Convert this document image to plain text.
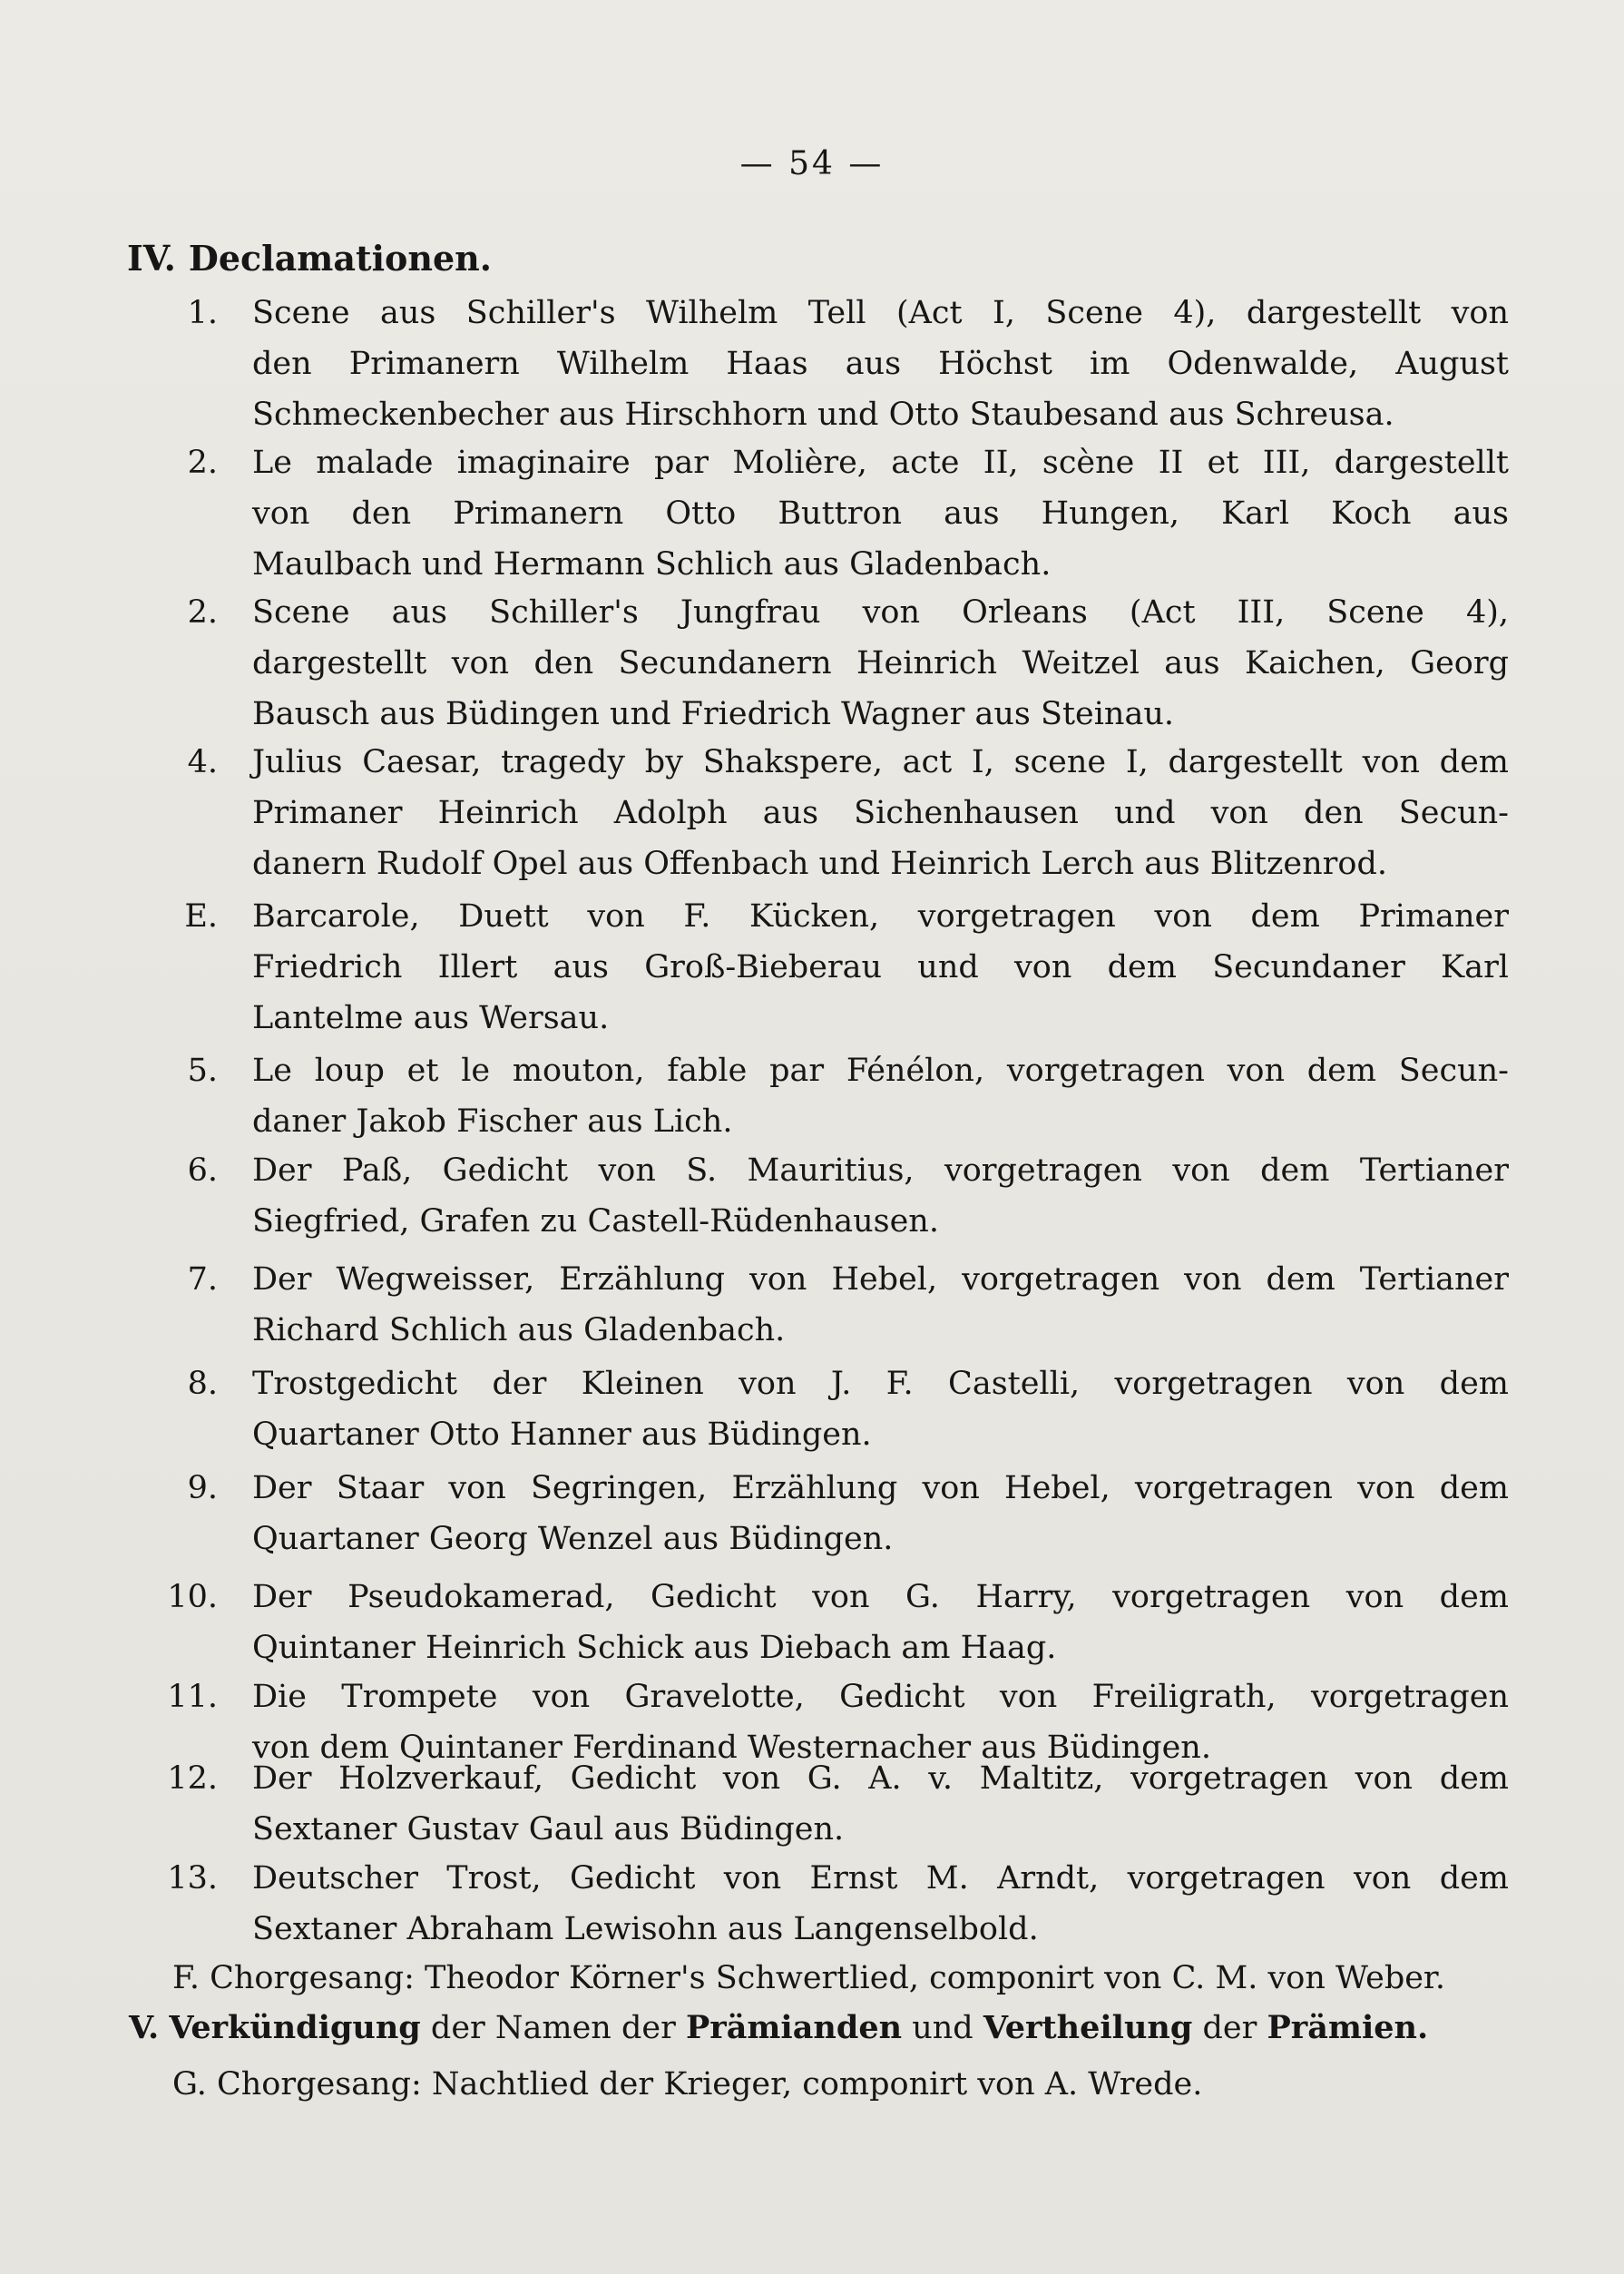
— 54 —
IV. Declamationen.
1. Scene aus Schiller's Wilhelm Tell (Act I, Scene 4), dargestellt von
den Primanern Wilhelm Haas aus Höchst im Odenwalde, August
Schmeckenbecher aus Hirschhorn und Otto Staubesand aus Schreusa.
2. Le malade imaginaire par Molière, acte II, scène II et III, dargestellt
von den Primanern Otto Buttron aus Hungen, Karl Koch aus
Maulbach und Hermann Schlich aus Gladenbach.
2. Scene aus Schiller's Jungfrau von Orleans (Act III, Scene 4),
dargestellt von den Secundanern Heinrich Weitzel aus Kaichen, Georg
Bausch aus Büdingen und Friedrich Wagner aus Steinau.
4. Julius Caesar, tragedy by Shakspere, act I, scene I, dargestellt von dem
Primaner Heinrich Adolph aus Sichenhausen und von den Secun-
danern Rudolf Opel aus Offenbach und Heinrich Lerch aus Blitzenrod.
E. Barcarole, Duett von F. Kücken, vorgetragen von dem Primaner
Friedrich Illert aus Groß-Bieberau und von dem Secundaner Karl
Lantelme aus Wersau.
5. Le loup et le mouton, fable par Fénélon, vorgetragen von dem Secun-
daner Jakob Fischer aus Lich.
6. Der Paß, Gedicht von S. Mauritius, vorgetragen von dem Tertianer
Siegfried, Grafen zu Castell-Rüdenhausen.
7. Der Wegweisser, Erzählung von Hebel, vorgetragen von dem Tertianer
Richard Schlich aus Gladenbach.
8. Trostgedicht der Kleinen von J. F. Castelli, vorgetragen von dem
Quartaner Otto Hanner aus Büdingen.
9. Der Staar von Segringen, Erzählung von Hebel, vorgetragen von dem
Quartaner Georg Wenzel aus Büdingen.
10. Der Pseudokamerad, Gedicht von G. Harry, vorgetragen von dem
Quintaner Heinrich Schick aus Diebach am Haag.
11. Die Trompete von Gravelotte, Gedicht von Freiligrath, vorgetragen
von dem Quintaner Ferdinand Westernacher aus Büdingen.
12. Der Holzverkauf, Gedicht von G. A. v. Maltitz, vorgetragen von dem
Sextaner Gustav Gaul aus Büdingen.
13. Deutscher Trost, Gedicht von Ernst M. Arndt, vorgetragen von dem
Sextaner Abraham Lewisohn aus Langenselbold.
F. Chorgesang: Theodor Körner's Schwertlied, componirt von C. M. von Weber.
V. Verkündigung der Namen der Prämianden und Vertheilung der Prämien.
G. Chorgesang: Nachtlied der Krieger, componirt von A. Wrede.
